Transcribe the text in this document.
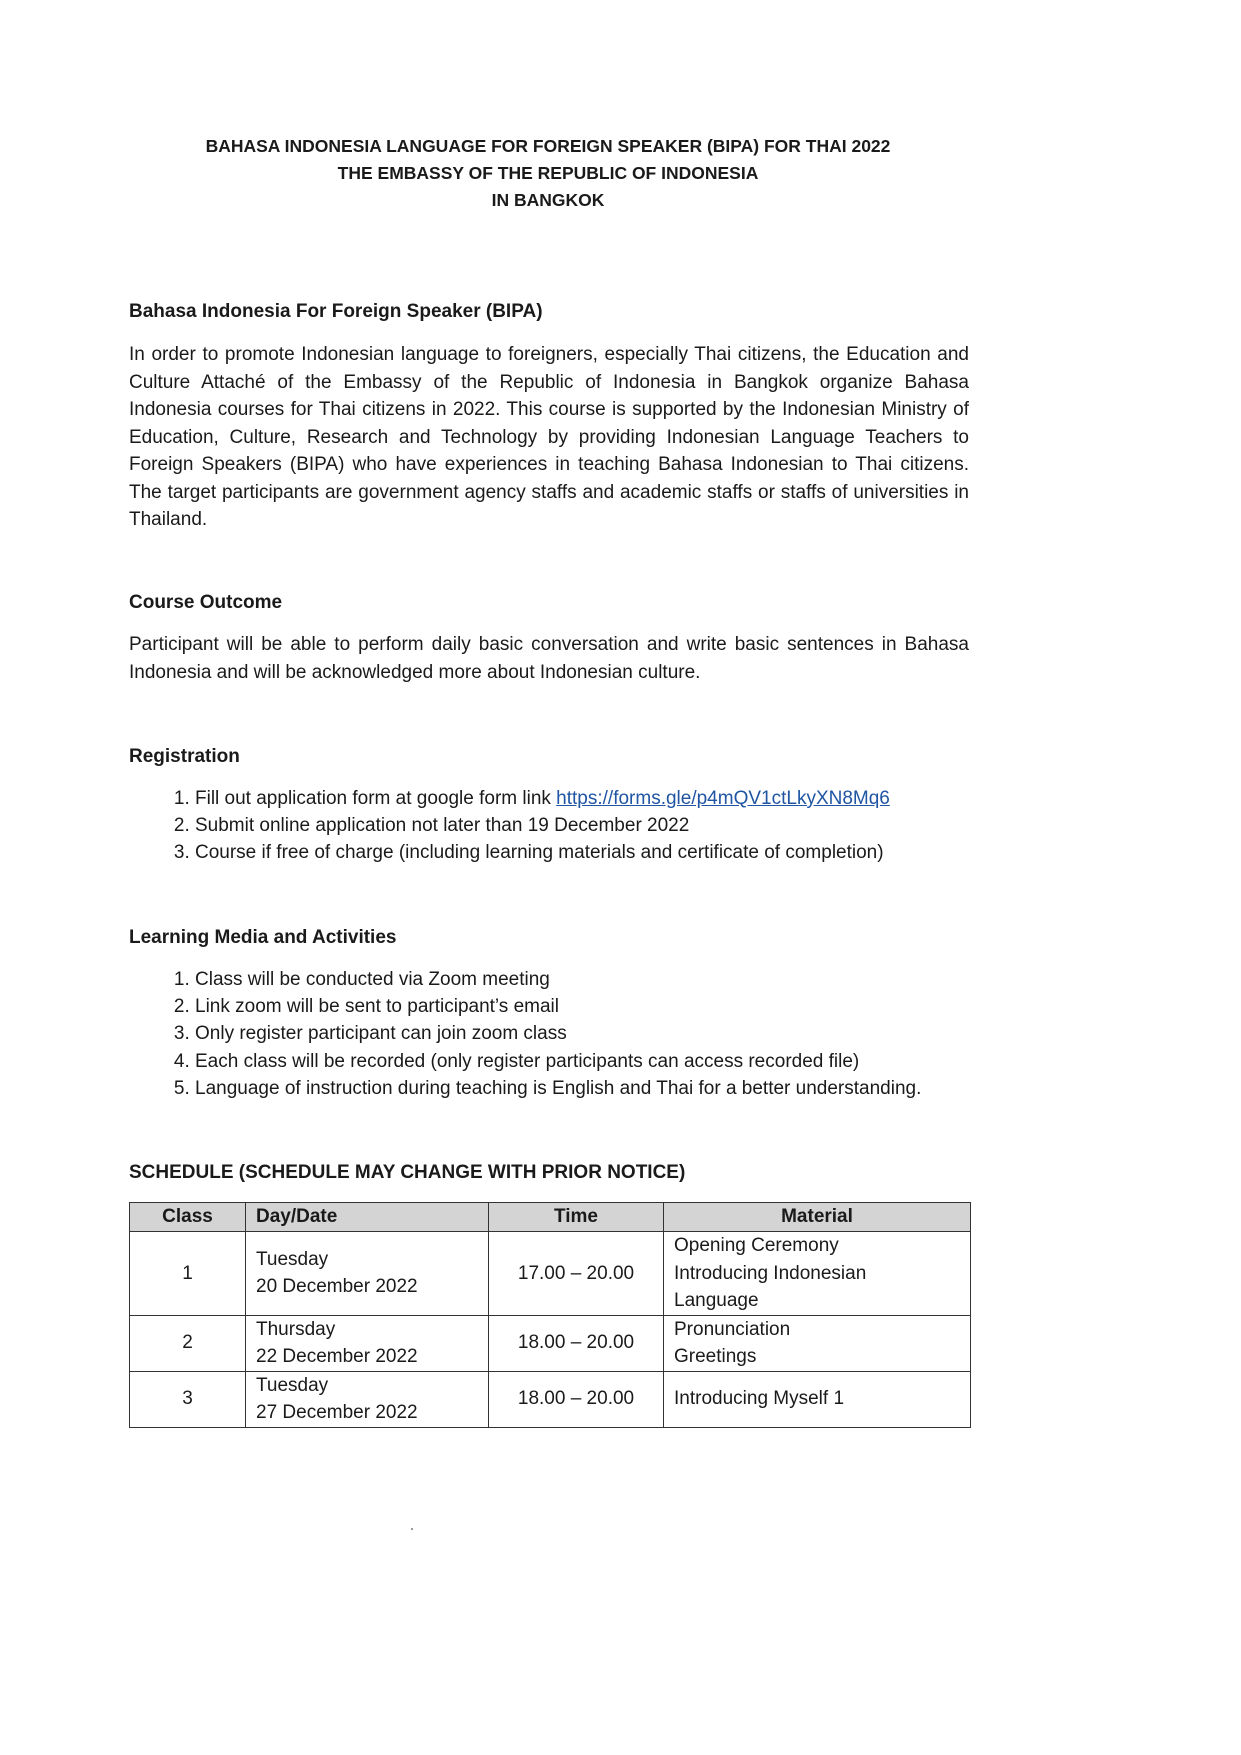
BAHASA INDONESIA LANGUAGE FOR FOREIGN SPEAKER (BIPA) FOR THAI 2022
THE EMBASSY OF THE REPUBLIC OF INDONESIA
IN BANGKOK
Bahasa Indonesia For Foreign Speaker (BIPA)

In order to promote Indonesian language to foreigners, especially Thai citizens, the Education and Culture Attaché of the Embassy of the Republic of Indonesia in Bangkok organize Bahasa Indonesia courses for Thai citizens in 2022. This course is supported by the Indonesian Ministry of Education, Culture, Research and Technology by providing Indonesian Language Teachers to Foreign Speakers (BIPA) who have experiences in teaching Bahasa Indonesian to Thai citizens. The target participants are government agency staffs and academic staffs or staffs of universities in Thailand.

Course Outcome

Participant will be able to perform daily basic conversation and write basic sentences in Bahasa Indonesia and will be acknowledged more about Indonesian culture.

Registration
1. Fill out application form at google form link https://forms.gle/p4mQV1ctLkyXN8Mq6
2. Submit online application not later than 19 December 2022
3. Course if free of charge (including learning materials and certificate of completion)
Learning Media and Activities
1. Class will be conducted via Zoom meeting
2. Link zoom will be sent to participant’s email
3. Only register participant can join zoom class
4. Each class will be recorded (only register participants can access recorded file)
5. Language of instruction during teaching is English and Thai for a better understanding.
SCHEDULE (SCHEDULE MAY CHANGE WITH PRIOR NOTICE)
Class	Day/Date	Time	Material
1	Tuesday
20 December 2022	17.00 – 20.00	Opening Ceremony
Introducing Indonesian
Language

2	Thursday
22 December 2022	18.00 – 20.00	Pronunciation
Greetings

3	Tuesday
27 December 2022	18.00 – 20.00	Introducing Myself 1
